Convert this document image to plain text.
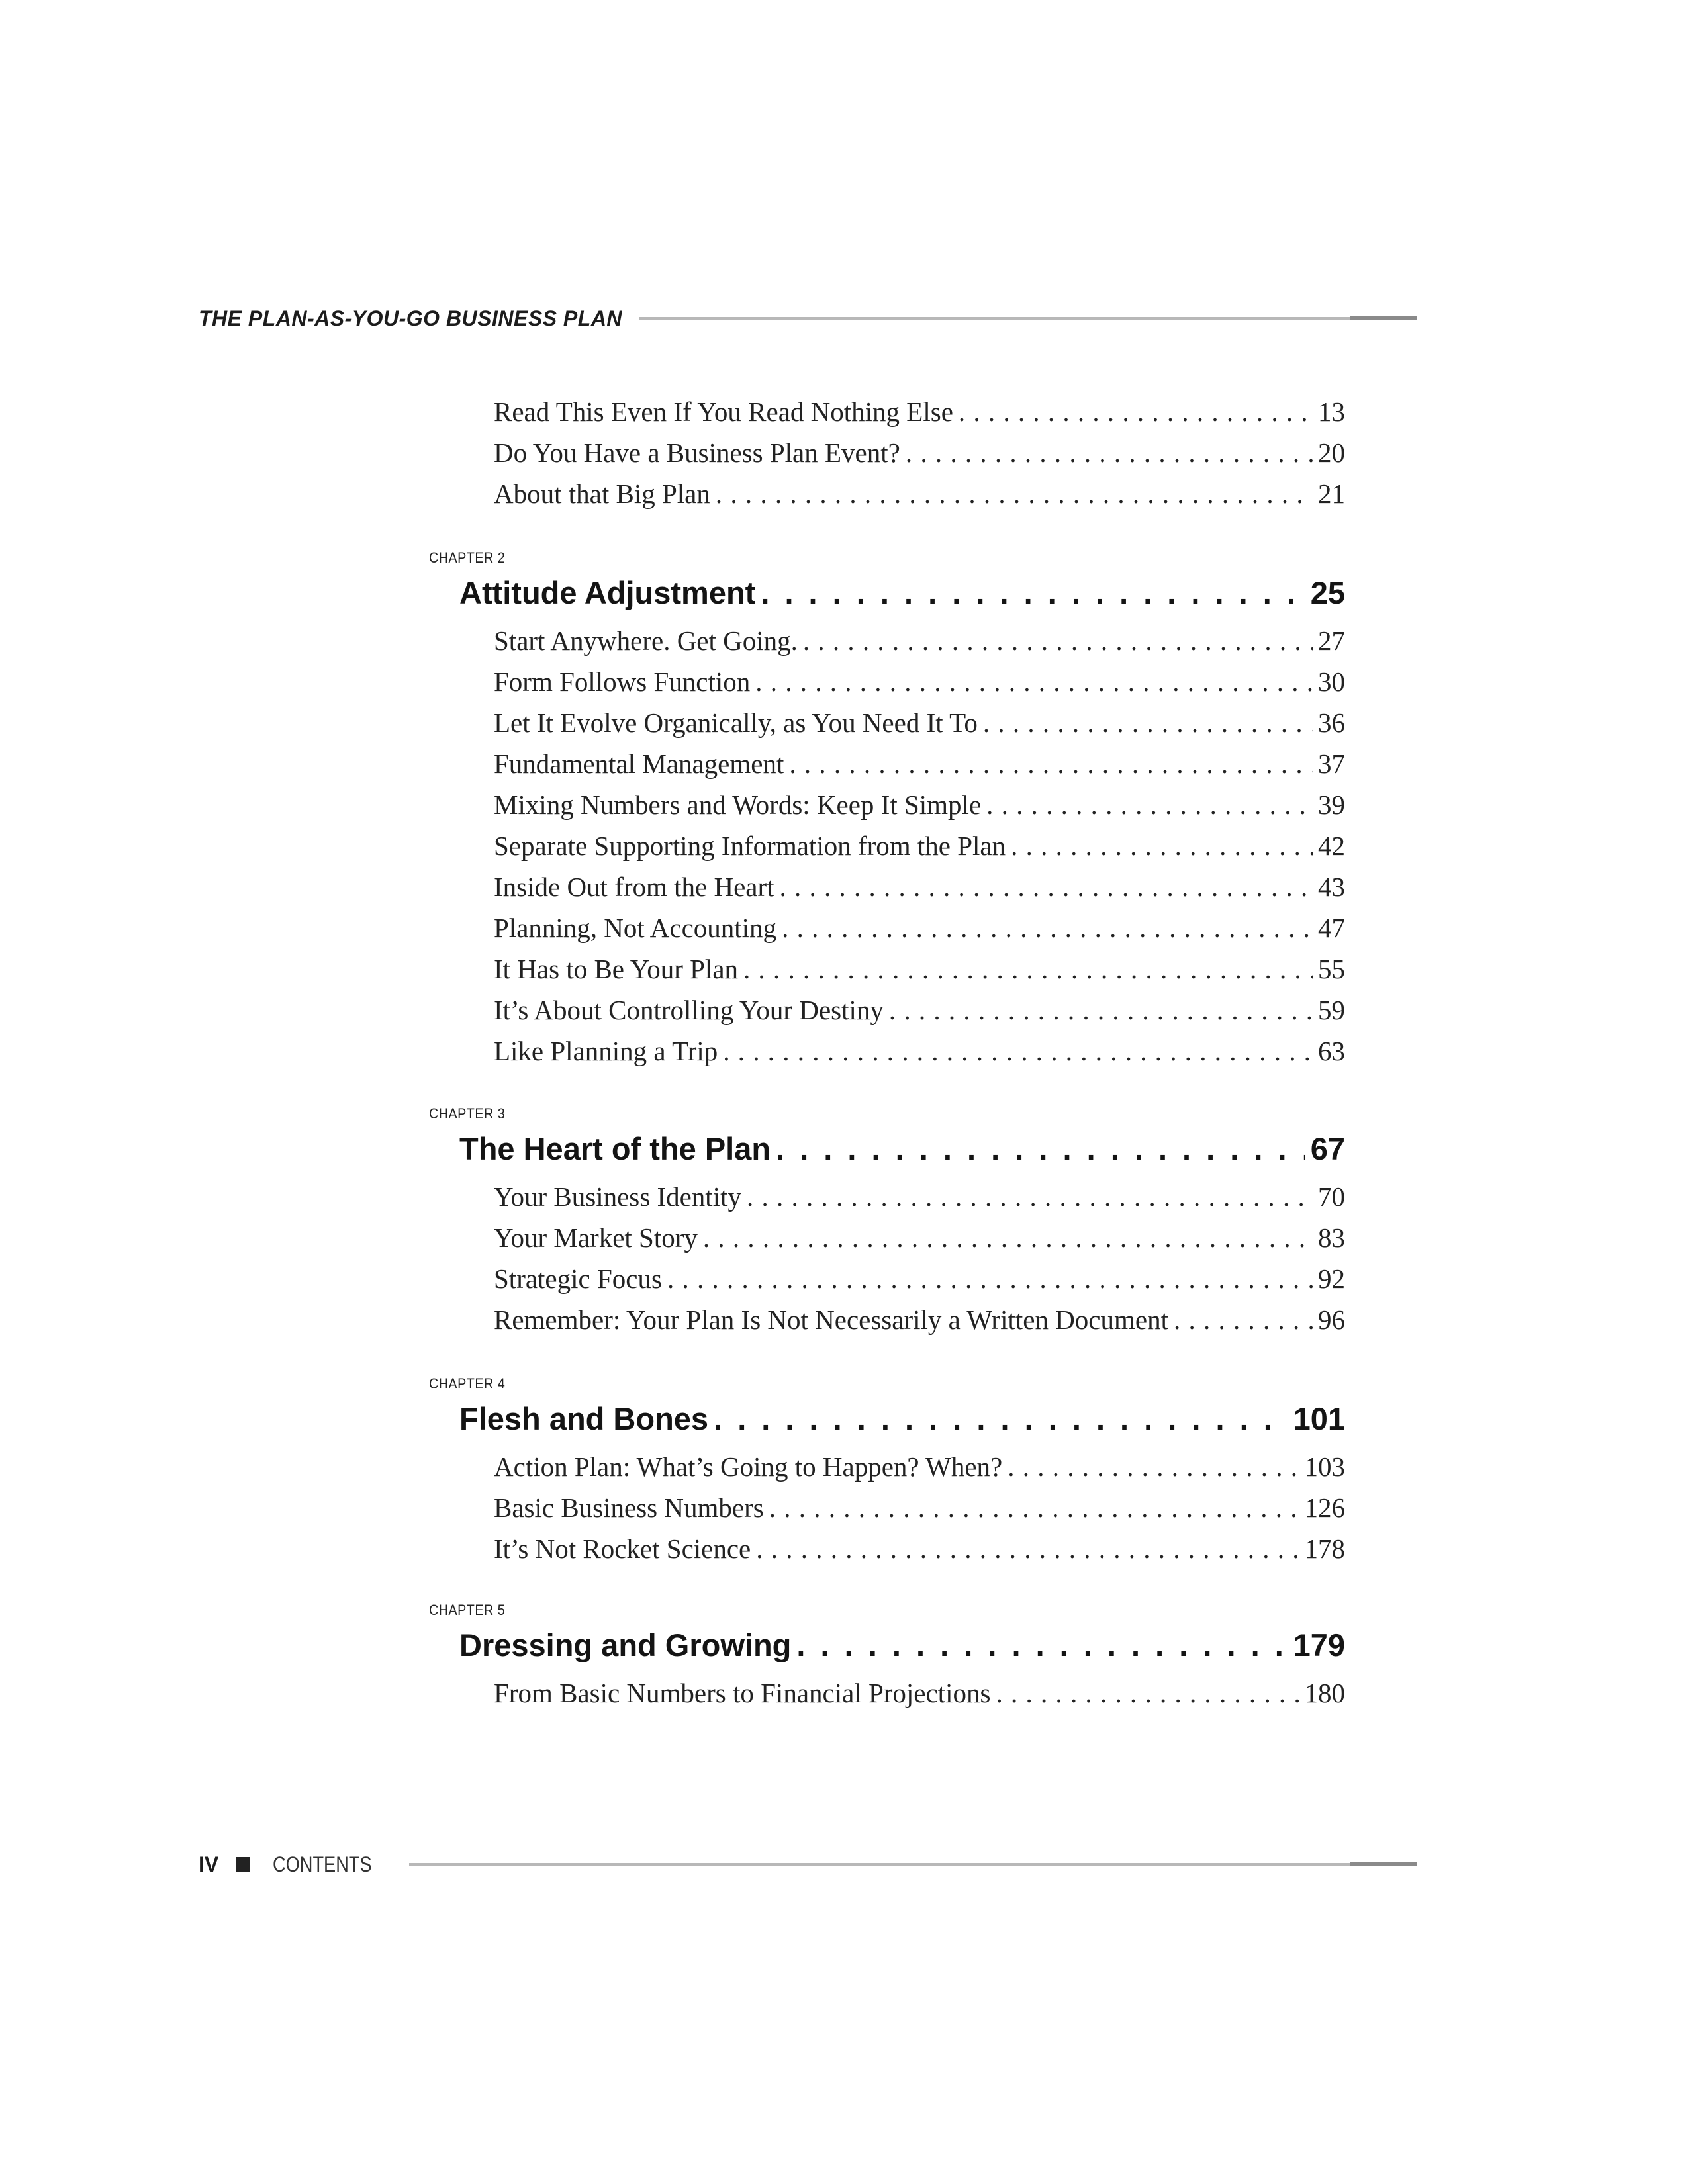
THE PLAN-AS-YOU-GO BUSINESS PLAN
Read This Even If You Read Nothing Else . . .	13
Do You Have a Business Plan Event? . . .	20
About that Big Plan . . .	21
CHAPTER 2
Attitude Adjustment . . .	25
Start Anywhere. Get Going. . . .	27
Form Follows Function . . .	30
Let It Evolve Organically, as You Need It To . . .	36
Fundamental Management . . .	37
Mixing Numbers and Words: Keep It Simple . . .	39
Separate Supporting Information from the Plan . . .	42
Inside Out from the Heart . . .	43
Planning, Not Accounting . . .	47
It Has to Be Your Plan . . .	55
It’s About Controlling Your Destiny . . .	59
Like Planning a Trip . . .	63
CHAPTER 3
The Heart of the Plan . . .	67
Your Business Identity . . .	70
Your Market Story . . .	83
Strategic Focus . . .	92
Remember: Your Plan Is Not Necessarily a Written Document . . .	96
CHAPTER 4
Flesh and Bones . . .	101
Action Plan: What’s Going to Happen? When? . . .	103
Basic Business Numbers . . .	126
It’s Not Rocket Science . . .	178
CHAPTER 5
Dressing and Growing . . .	179
From Basic Numbers to Financial Projections . . .	180
IV	CONTENTS
